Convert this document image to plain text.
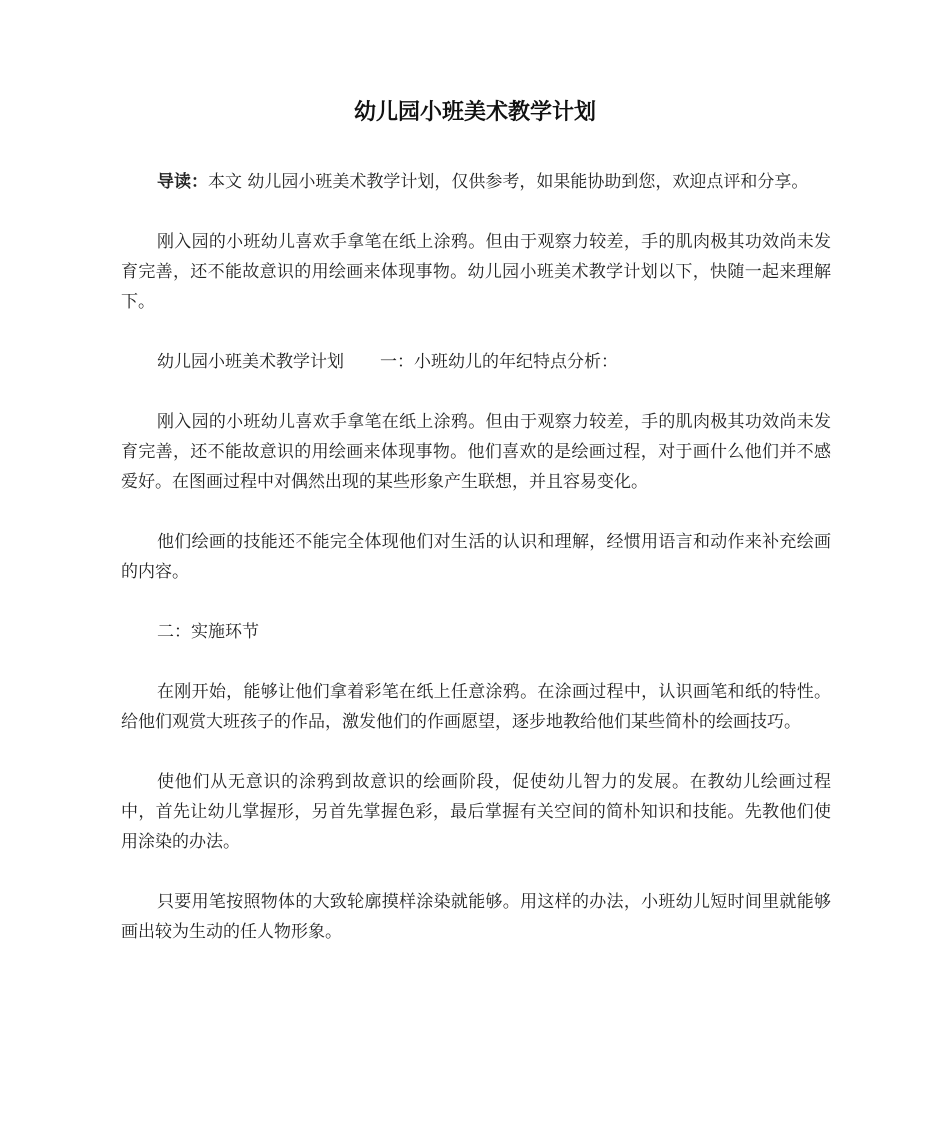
幼儿园小班美术教学计划

导读：本文 幼儿园小班美术教学计划，仅供参考，如果能协助到您，欢迎点评和分享。

刚入园的小班幼儿喜欢手拿笔在纸上涂鸦。但由于观察力较差，手的肌肉极其功效尚未发育完善，还不能故意识的用绘画来体现事物。幼儿园小班美术教学计划以下，快随一起来理解下。

幼儿园小班美术教学计划 一：小班幼儿的年纪特点分析：

刚入园的小班幼儿喜欢手拿笔在纸上涂鸦。但由于观察力较差，手的肌肉极其功效尚未发育完善，还不能故意识的用绘画来体现事物。他们喜欢的是绘画过程，对于画什么他们并不感爱好。在图画过程中对偶然出现的某些形象产生联想，并且容易变化。

他们绘画的技能还不能完全体现他们对生活的认识和理解，经惯用语言和动作来补充绘画的内容。

二：实施环节

在刚开始，能够让他们拿着彩笔在纸上任意涂鸦。在涂画过程中，认识画笔和纸的特性。给他们观赏大班孩子的作品，激发他们的作画愿望，逐步地教给他们某些简朴的绘画技巧。

使他们从无意识的涂鸦到故意识的绘画阶段，促使幼儿智力的发展。在教幼儿绘画过程中，首先让幼儿掌握形，另首先掌握色彩，最后掌握有关空间的简朴知识和技能。先教他们使用涂染的办法。

只要用笔按照物体的大致轮廓摸样涂染就能够。用这样的办法，小班幼儿短时间里就能够画出较为生动的任人物形象。
